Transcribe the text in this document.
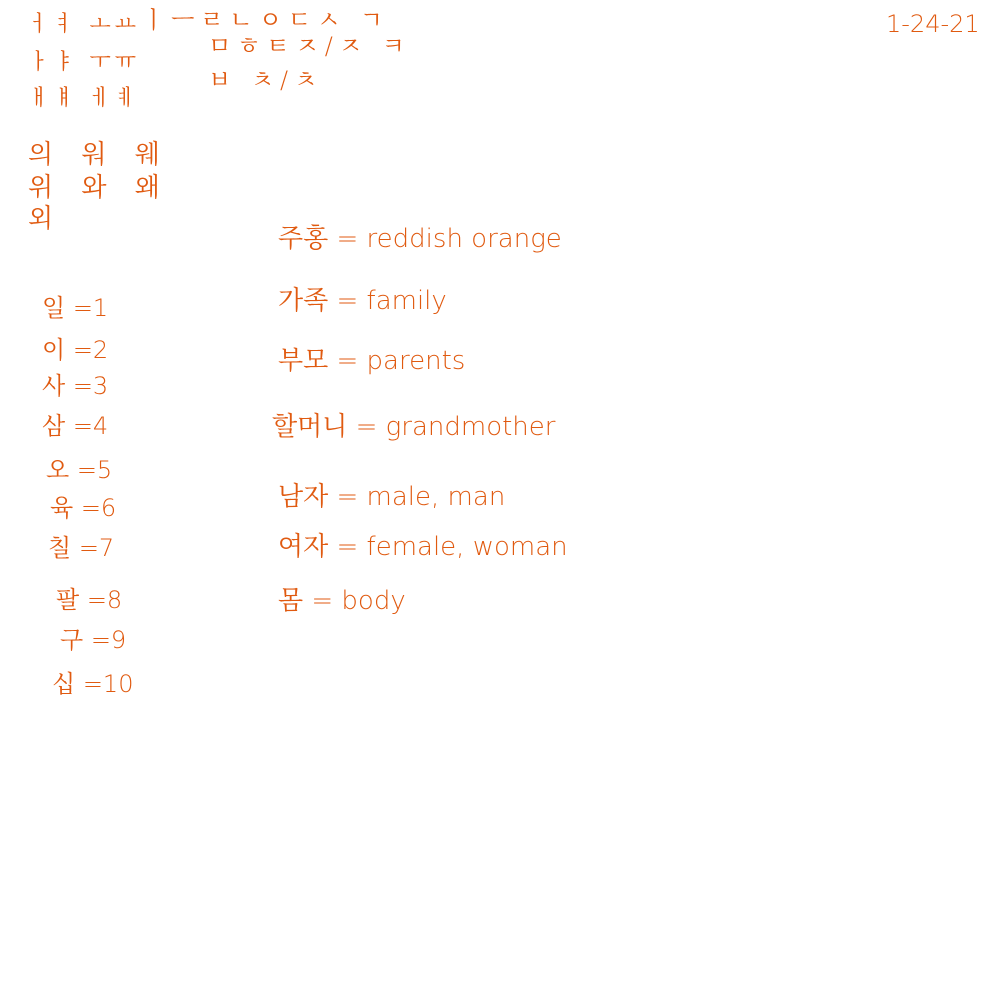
1-24-21
ㅓㅕ ㅗㅛ
ㅏㅑ ㅜㅠ
ㅐㅒ ㅔㅖ
ㅣㅡㄹㄴㅇㄷㅅ ㄱ
ㅁㅎㅌㅈ/ㅈ ㅋ
ㅂ ㅊ/ㅊ
의 워 웨
위 와 왜
외
일 =1
이 =2
사 =3
삼 =4
오 =5
육 =6
칠 =7
팔 =8
구 =9
십 =10
주홍 = reddish orange
가족 = family
부모 = parents
할머니 = grandmother
남자 = male, man
여자 = female, woman
몸 = body
